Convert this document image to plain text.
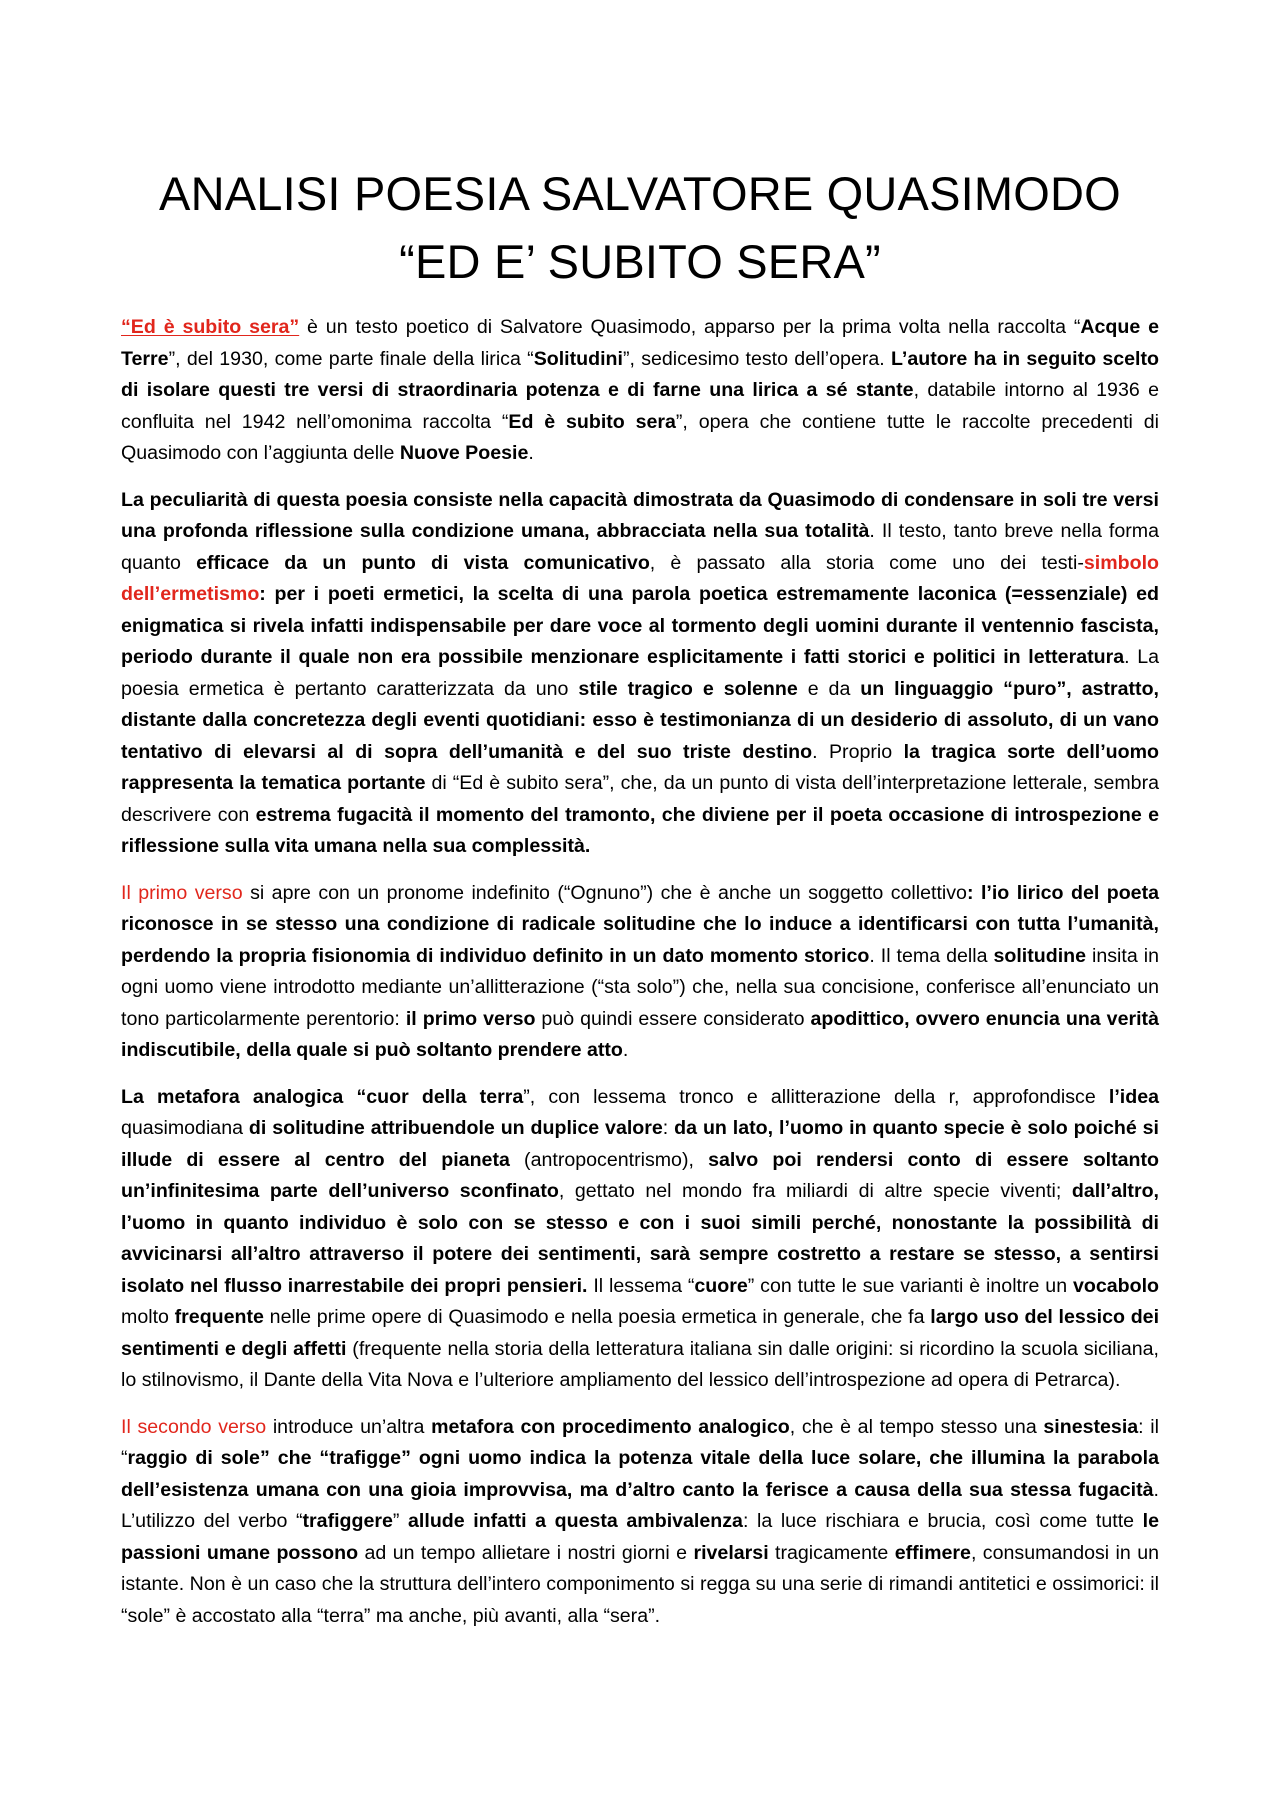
ANALISI POESIA SALVATORE QUASIMODO
“ED E’ SUBITO SERA”

“Ed è subito sera” è un testo poetico di Salvatore Quasimodo, apparso per la prima volta nella raccolta “Acque e Terre”, del 1930, come parte finale della lirica “Solitudini”, sedicesimo testo dell’opera. L’autore ha in seguito scelto di isolare questi tre versi di straordinaria potenza e di farne una lirica a sé stante, databile intorno al 1936 e confluita nel 1942 nell’omonima raccolta “Ed è subito sera”, opera che contiene tutte le raccolte precedenti di Quasimodo con l’aggiunta delle Nuove Poesie.

La peculiarità di questa poesia consiste nella capacità dimostrata da Quasimodo di condensare in soli tre versi una profonda riflessione sulla condizione umana, abbracciata nella sua totalità. Il testo, tanto breve nella forma quanto efficace da un punto di vista comunicativo, è passato alla storia come uno dei testi-simbolo dell’ermetismo: per i poeti ermetici, la scelta di una parola poetica estremamente laconica (=essenziale) ed enigmatica si rivela infatti indispensabile per dare voce al tormento degli uomini durante il ventennio fascista, periodo durante il quale non era possibile menzionare esplicitamente i fatti storici e politici in letteratura. La poesia ermetica è pertanto caratterizzata da uno stile tragico e solenne e da un linguaggio “puro”, astratto, distante dalla concretezza degli eventi quotidiani: esso è testimonianza di un desiderio di assoluto, di un vano tentativo di elevarsi al di sopra dell’umanità e del suo triste destino. Proprio la tragica sorte dell’uomo rappresenta la tematica portante di “Ed è subito sera”, che, da un punto di vista dell’interpretazione letterale, sembra descrivere con estrema fugacità il momento del tramonto, che diviene per il poeta occasione di introspezione e riflessione sulla vita umana nella sua complessità.

Il primo verso si apre con un pronome indefinito (“Ognuno”) che è anche un soggetto collettivo: l’io lirico del poeta riconosce in se stesso una condizione di radicale solitudine che lo induce a identificarsi con tutta l’umanità, perdendo la propria fisionomia di individuo definito in un dato momento storico. Il tema della solitudine insita in ogni uomo viene introdotto mediante un’allitterazione (“sta solo”) che, nella sua concisione, conferisce all’enunciato un tono particolarmente perentorio: il primo verso può quindi essere considerato apodittico, ovvero enuncia una verità indiscutibile, della quale si può soltanto prendere atto.

La metafora analogica “cuor della terra”, con lessema tronco e allitterazione della r, approfondisce l’idea quasimodiana di solitudine attribuendole un duplice valore: da un lato, l’uomo in quanto specie è solo poiché si illude di essere al centro del pianeta (antropocentrismo), salvo poi rendersi conto di essere soltanto un’infinitesima parte dell’universo sconfinato, gettato nel mondo fra miliardi di altre specie viventi; dall’altro, l’uomo in quanto individuo è solo con se stesso e con i suoi simili perché, nonostante la possibilità di avvicinarsi all’altro attraverso il potere dei sentimenti, sarà sempre costretto a restare se stesso, a sentirsi isolato nel flusso inarrestabile dei propri pensieri. Il lessema “cuore” con tutte le sue varianti è inoltre un vocabolo molto frequente nelle prime opere di Quasimodo e nella poesia ermetica in generale, che fa largo uso del lessico dei sentimenti e degli affetti (frequente nella storia della letteratura italiana sin dalle origini: si ricordino la scuola siciliana, lo stilnovismo, il Dante della Vita Nova e l’ulteriore ampliamento del lessico dell’introspezione ad opera di Petrarca).

Il secondo verso introduce un’altra metafora con procedimento analogico, che è al tempo stesso una sinestesia: il “raggio di sole” che “trafigge” ogni uomo indica la potenza vitale della luce solare, che illumina la parabola dell’esistenza umana con una gioia improvvisa, ma d’altro canto la ferisce a causa della sua stessa fugacità. L’utilizzo del verbo “trafiggere” allude infatti a questa ambivalenza: la luce rischiara e brucia, così come tutte le passioni umane possono ad un tempo allietare i nostri giorni e rivelarsi tragicamente effimere, consumandosi in un istante. Non è un caso che la struttura dell’intero componimento si regga su una serie di rimandi antitetici e ossimorici: il “sole” è accostato alla “terra” ma anche, più avanti, alla “sera”.
